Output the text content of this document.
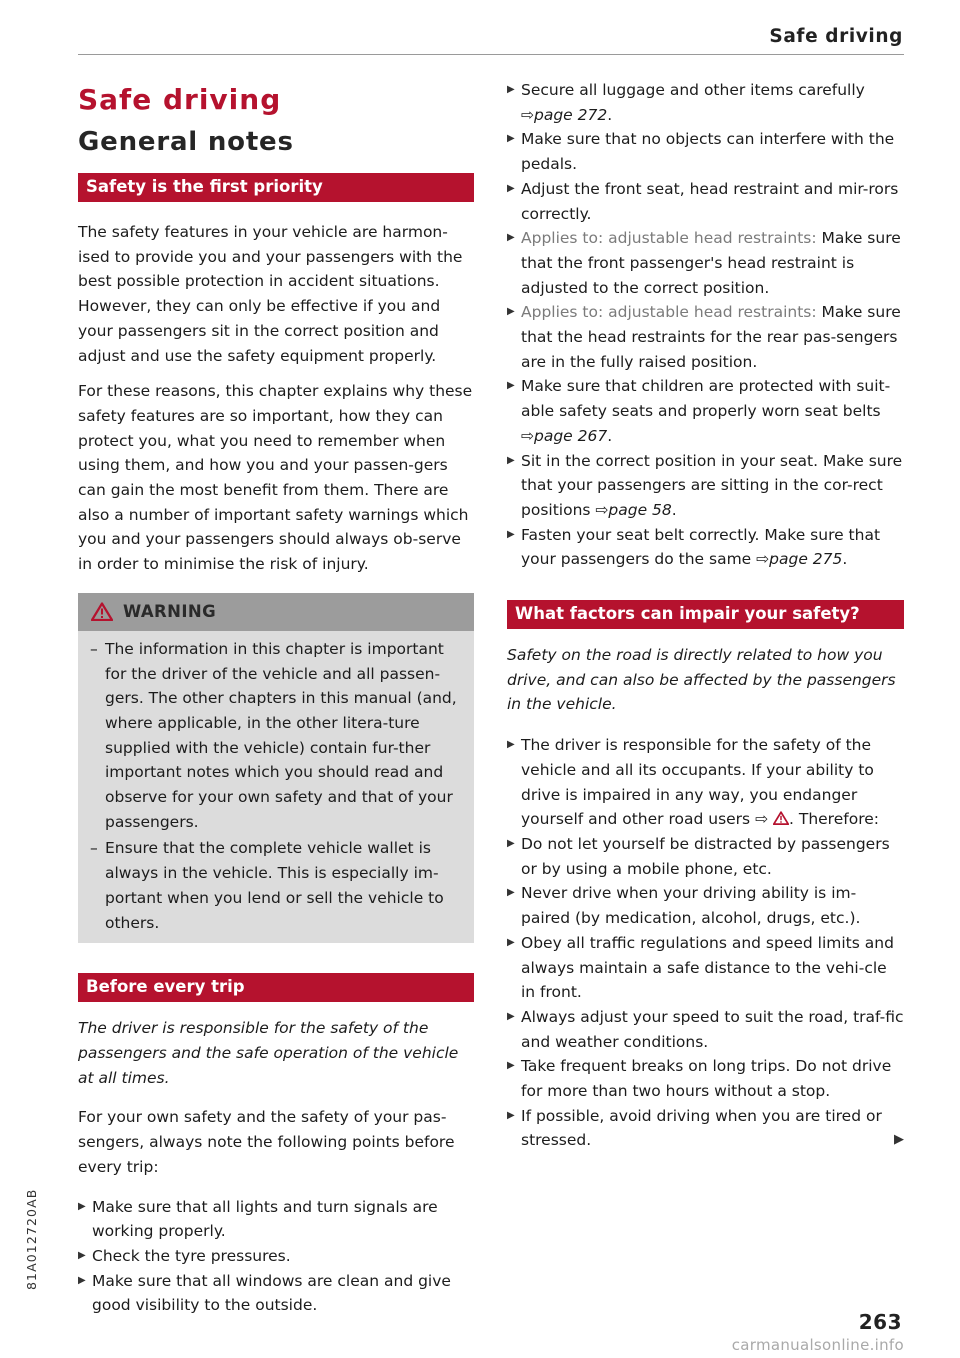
Safe driving
Safe driving
General notes
Safety is the first priority

The safety features in your vehicle are harmon-ised to provide you and your passengers with the best possible protection in accident situations. However, they can only be effective if you and your passengers sit in the correct position and adjust and use the safety equipment properly.

For these reasons, this chapter explains why these safety features are so important, how they can protect you, what you need to remember when using them, and how you and your passen-gers can gain the most benefit from them. There are also a number of important safety warnings which you and your passengers should always ob-serve in order to minimise the risk of injury.

WARNING
– The information in this chapter is important for the driver of the vehicle and all passen-gers. The other chapters in this manual (and, where applicable, in the other litera-ture supplied with the vehicle) contain fur-ther important notes which you should read and observe for your own safety and that of your passengers.
– Ensure that the complete vehicle wallet is always in the vehicle. This is especially im-portant when you lend or sell the vehicle to others.
Before every trip

The driver is responsible for the safety of the passengers and the safe operation of the vehicle at all times.

For your own safety and the safety of your pas-sengers, always note the following points before every trip:

▶ Make sure that all lights and turn signals are working properly.
▶ Check the tyre pressures.
▶ Make sure that all windows are clean and give good visibility to the outside.
▶ Secure all luggage and other items carefully ⇨page 272.
▶ Make sure that no objects can interfere with the pedals.
▶ Adjust the front seat, head restraint and mir-rors correctly.
▶ Applies to: adjustable head restraints: Make sure that the front passenger's head restraint is adjusted to the correct position.
▶ Applies to: adjustable head restraints: Make sure that the head restraints for the rear pas-sengers are in the fully raised position.
▶ Make sure that children are protected with suit-able safety seats and properly worn seat belts ⇨page 267.
▶ Sit in the correct position in your seat. Make sure that your passengers are sitting in the cor-rect positions ⇨page 58.
▶ Fasten your seat belt correctly. Make sure that your passengers do the same ⇨page 275.
What factors can impair your safety?

Safety on the road is directly related to how you drive, and can also be affected by the passengers in the vehicle.

▶ The driver is responsible for the safety of the vehicle and all its occupants. If your ability to drive is impaired in any way, you endanger yourself and other road users ⇨ . Therefore:
▶ Do not let yourself be distracted by passengers or by using a mobile phone, etc.
▶ Never drive when your driving ability is im-paired (by medication, alcohol, drugs, etc.).
▶ Obey all traffic regulations and speed limits and always maintain a safe distance to the vehi-cle in front.
▶ Always adjust your speed to suit the road, traf-fic and weather conditions.
▶ Take frequent breaks on long trips. Do not drive for more than two hours without a stop.
▶ If possible, avoid driving when you are tired or stressed.	▶
81A012720AB
263
carmanualsonline.info
